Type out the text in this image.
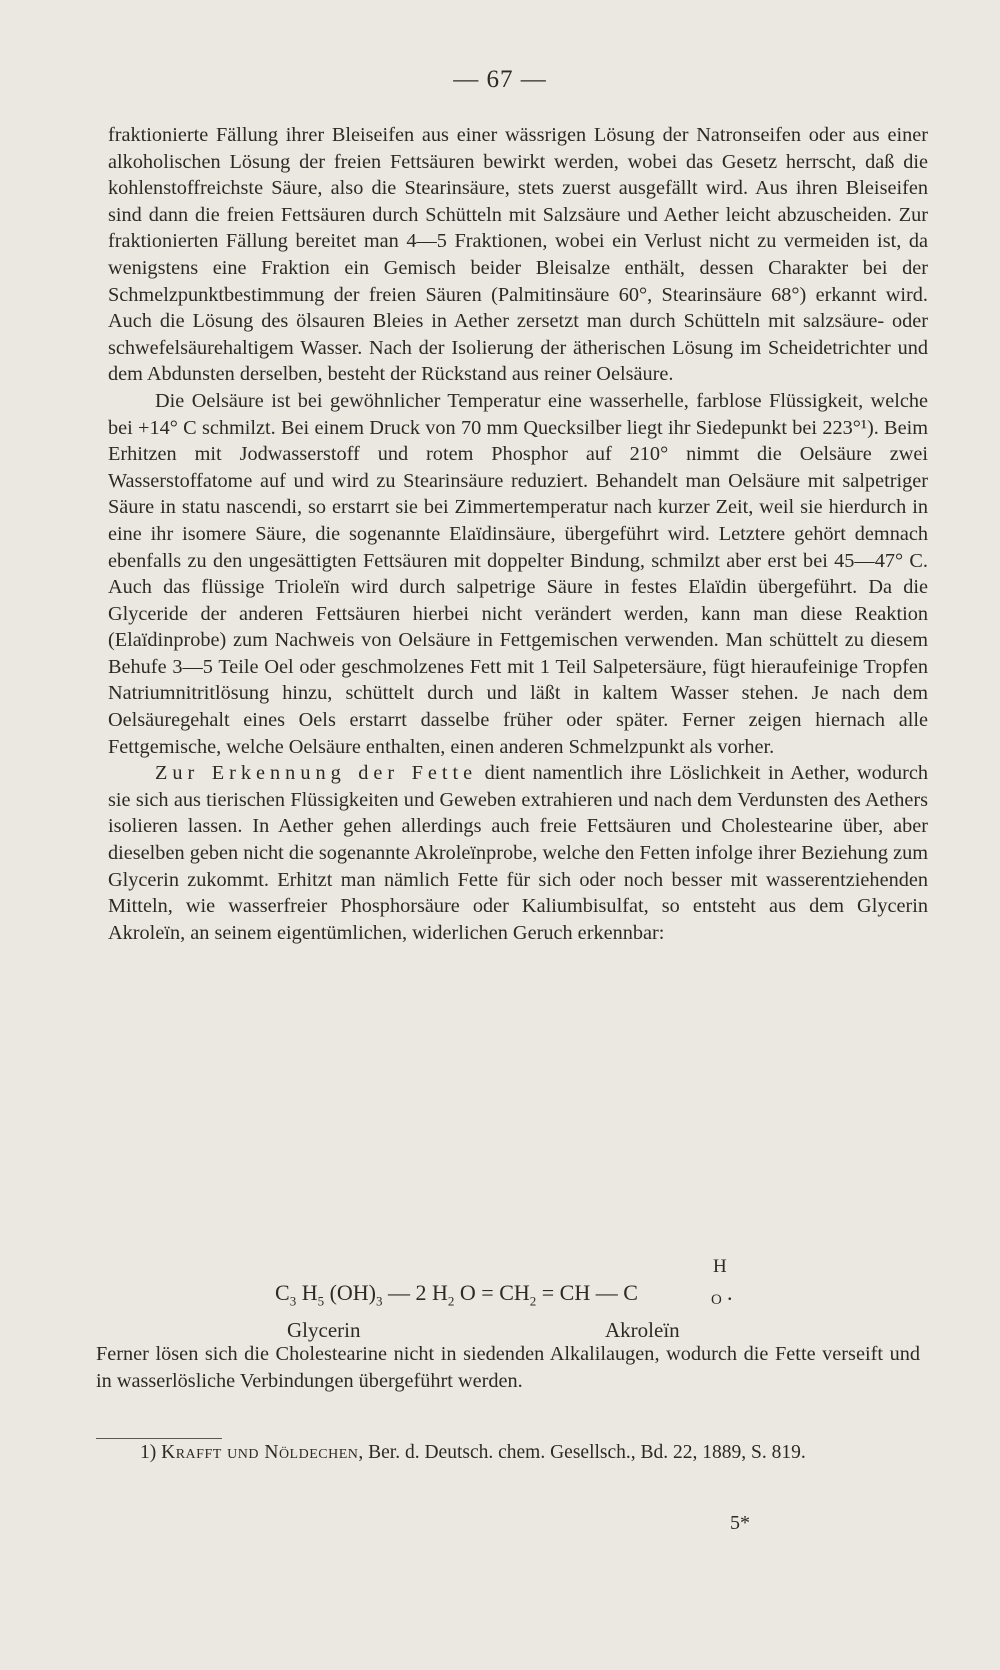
— 67 —

fraktionierte Fällung ihrer Bleiseifen aus einer wässrigen Lösung der Natronseifen oder aus einer alkoholischen Lösung der freien Fettsäuren bewirkt werden, wobei das Gesetz herrscht, daß die kohlenstoffreichste Säure, also die Stearinsäure, stets zuerst ausgefällt wird. Aus ihren Bleiseifen sind dann die freien Fettsäuren durch Schütteln mit Salzsäure und Aether leicht abzuscheiden. Zur fraktionierten Fällung bereitet man 4—5 Fraktionen, wobei ein Verlust nicht zu vermeiden ist, da wenigstens eine Fraktion ein Gemisch beider Bleisalze enthält, dessen Charakter bei der Schmelzpunktbestimmung der freien Säuren (Palmitinsäure 60°, Stearinsäure 68°) erkannt wird. Auch die Lösung des ölsauren Bleies in Aether zersetzt man durch Schütteln mit salzsäure- oder schwefelsäurehaltigem Wasser. Nach der Isolierung der ätherischen Lösung im Scheidetrichter und dem Abdunsten derselben, besteht der Rückstand aus reiner Oelsäure.

Die Oelsäure ist bei gewöhnlicher Temperatur eine wasserhelle, farblose Flüssigkeit, welche bei +14° C schmilzt. Bei einem Druck von 70 mm Quecksilber liegt ihr Siedepunkt bei 223°¹). Beim Erhitzen mit Jodwasserstoff und rotem Phosphor auf 210° nimmt die Oelsäure zwei Wasserstoffatome auf und wird zu Stearinsäure reduziert. Behandelt man Oelsäure mit salpetriger Säure in statu nascendi, so erstarrt sie bei Zimmertemperatur nach kurzer Zeit, weil sie hierdurch in eine ihr isomere Säure, die sogenannte Elaïdinsäure, übergeführt wird. Letztere gehört demnach ebenfalls zu den ungesättigten Fettsäuren mit doppelter Bindung, schmilzt aber erst bei 45—47° C. Auch das flüssige Trioleïn wird durch salpetrige Säure in festes Elaïdin übergeführt. Da die Glyceride der anderen Fettsäuren hierbei nicht verändert werden, kann man diese Reaktion (Elaïdinprobe) zum Nachweis von Oelsäure in Fettgemischen verwenden. Man schüttelt zu diesem Behufe 3—5 Teile Oel oder geschmolzenes Fett mit 1 Teil Salpetersäure, fügt hieraufeinige Tropfen Natriumnitritlösung hinzu, schüttelt durch und läßt in kaltem Wasser stehen. Je nach dem Oelsäuregehalt eines Oels erstarrt dasselbe früher oder später. Ferner zeigen hiernach alle Fettgemische, welche Oelsäure enthalten, einen anderen Schmelzpunkt als vorher.

Zur Erkennung der Fette dient namentlich ihre Löslichkeit in Aether, wodurch sie sich aus tierischen Flüssigkeiten und Geweben extrahieren und nach dem Verdunsten des Aethers isolieren lassen. In Aether gehen allerdings auch freie Fettsäuren und Cholestearine über, aber dieselben geben nicht die sogenannte Akroleïnprobe, welche den Fetten infolge ihrer Beziehung zum Glycerin zukommt. Erhitzt man nämlich Fette für sich oder noch besser mit wasserentziehenden Mitteln, wie wasserfreier Phosphorsäure oder Kaliumbisulfat, so entsteht aus dem Glycerin Akroleïn, an seinem eigentümlichen, widerlichen Geruch erkennbar:

$C_3$ $H_5$ $(OH)_3$ — 2 $H_2$ $O = CH_2$ = CH — C
H
O .
Glycerin	Akroleïn

Ferner lösen sich die Cholestearine nicht in siedenden Alkalilaugen, wodurch die Fette verseift und in wasserlösliche Verbindungen übergeführt werden.

1) Krafft und Nöldechen, Ber. d. Deutsch. chem. Gesellsch., Bd. 22, 1889, S. 819.

5*
